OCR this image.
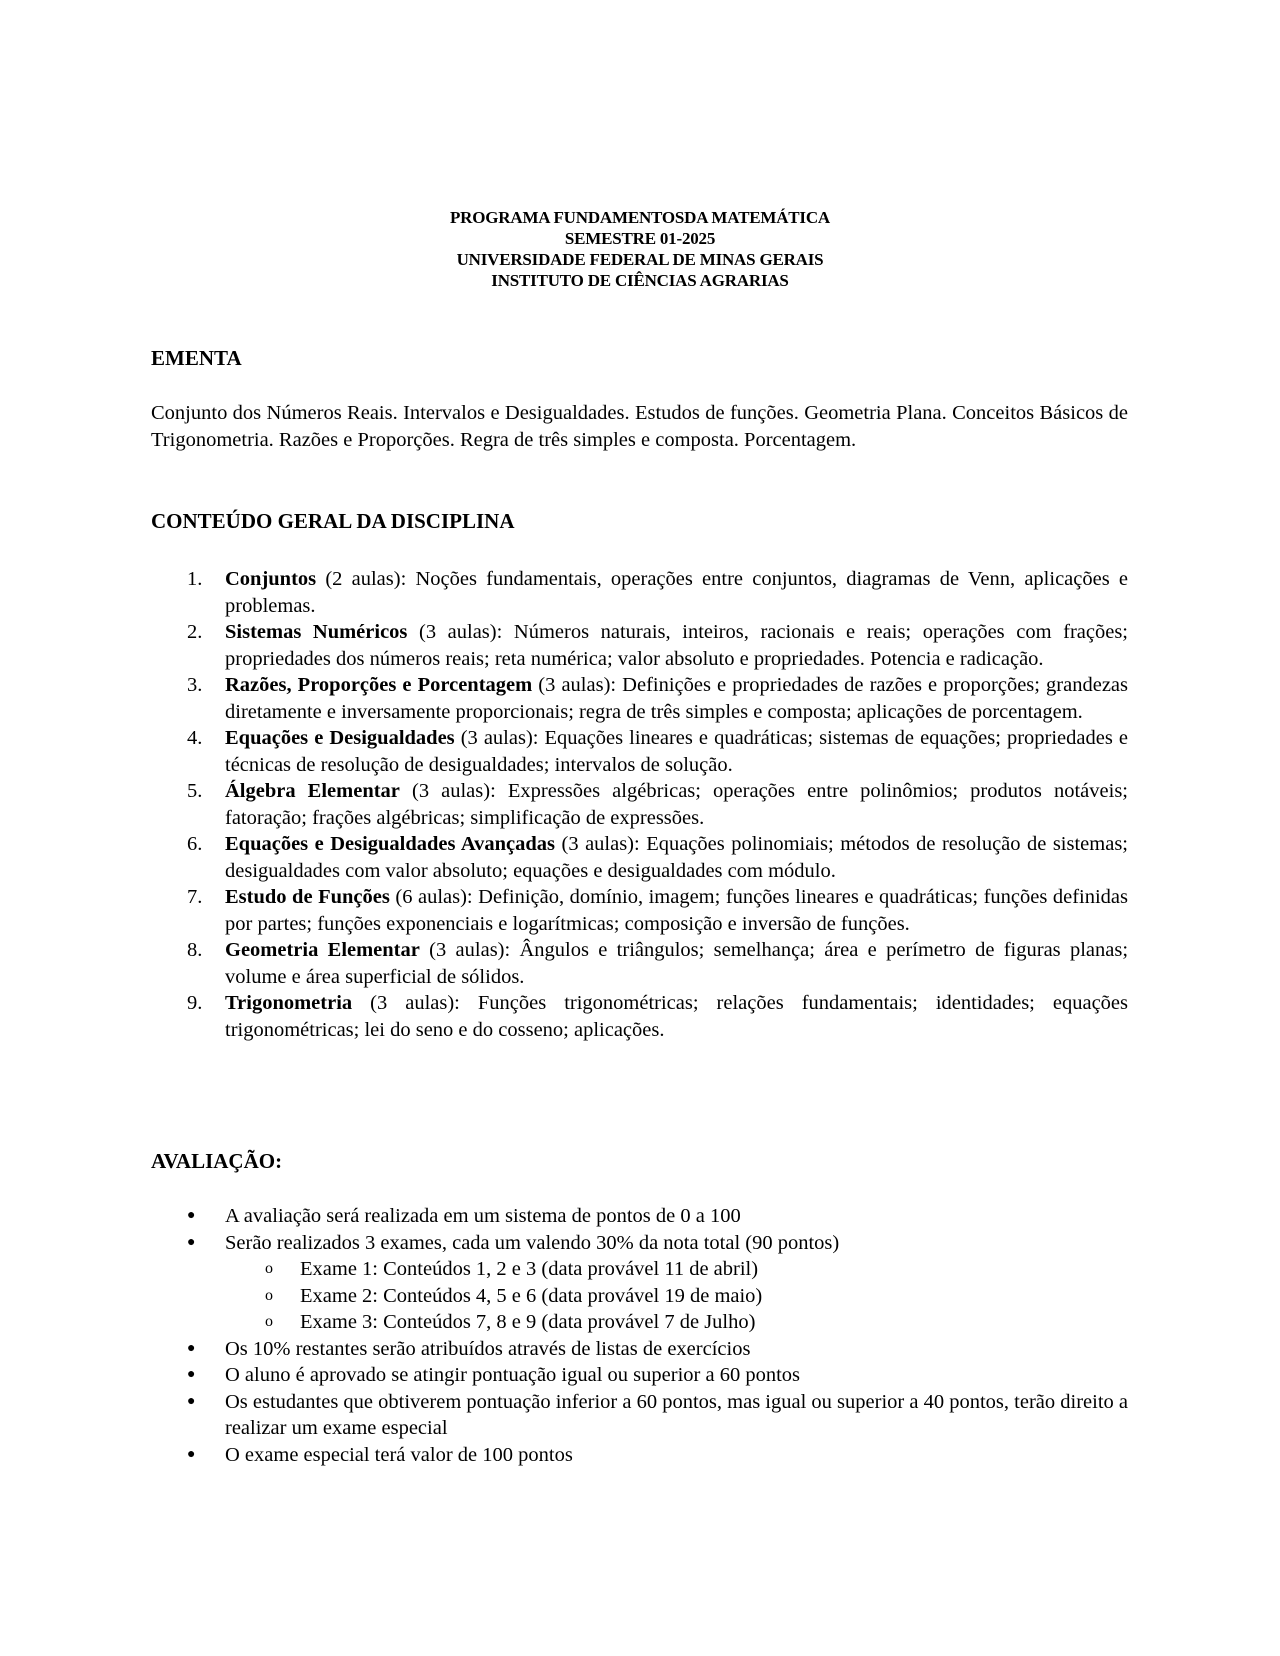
PROGRAMA FUNDAMENTOSDA MATEMÁTICA
SEMESTRE 01-2025
UNIVERSIDADE FEDERAL DE MINAS GERAIS
INSTITUTO DE CIÊNCIAS AGRARIAS
EMENTA

Conjunto dos Números Reais. Intervalos e Desigualdades. Estudos de funções. Geometria Plana. Conceitos Básicos de Trigonometria. Razões e Proporções. Regra de três simples e composta. Porcentagem.

CONTEÚDO GERAL DA DISCIPLINA
1.	Conjuntos (2 aulas): Noções fundamentais, operações entre conjuntos, diagramas de Venn, aplicações e problemas.
2.	Sistemas Numéricos (3 aulas): Números naturais, inteiros, racionais e reais; operações com frações; propriedades dos números reais; reta numérica; valor absoluto e propriedades. Potencia e radicação.
3.	Razões, Proporções e Porcentagem (3 aulas): Definições e propriedades de razões e proporções; grandezas diretamente e inversamente proporcionais; regra de três simples e composta; aplicações de porcentagem.
4.	Equações e Desigualdades (3 aulas): Equações lineares e quadráticas; sistemas de equações; propriedades e técnicas de resolução de desigualdades; intervalos de solução.
5.	Álgebra Elementar (3 aulas): Expressões algébricas; operações entre polinômios; produtos notáveis; fatoração; frações algébricas; simplificação de expressões.
6.	Equações e Desigualdades Avançadas (3 aulas): Equações polinomiais; métodos de resolução de sistemas; desigualdades com valor absoluto; equações e desigualdades com módulo.
7.	Estudo de Funções (6 aulas): Definição, domínio, imagem; funções lineares e quadráticas; funções definidas por partes; funções exponenciais e logarítmicas; composição e inversão de funções.
8.	Geometria Elementar (3 aulas): Ângulos e triângulos; semelhança; área e perímetro de figuras planas; volume e área superficial de sólidos.
9.	Trigonometria (3 aulas): Funções trigonométricas; relações fundamentais; identidades; equações trigonométricas; lei do seno e do cosseno; aplicações.
AVALIAÇÃO:
● A avaliação será realizada em um sistema de pontos de 0 a 100
● Serão realizados 3 exames, cada um valendo 30% da nota total (90 pontos)
o Exame 1: Conteúdos 1, 2 e 3 (data provável 11 de abril)
o Exame 2: Conteúdos 4, 5 e 6 (data provável 19 de maio)
o Exame 3: Conteúdos 7, 8 e 9 (data provável 7 de Julho)
● Os 10% restantes serão atribuídos através de listas de exercícios
● O aluno é aprovado se atingir pontuação igual ou superior a 60 pontos
● Os estudantes que obtiverem pontuação inferior a 60 pontos, mas igual ou superior a 40 pontos, terão direito a realizar um exame especial
● O exame especial terá valor de 100 pontos
